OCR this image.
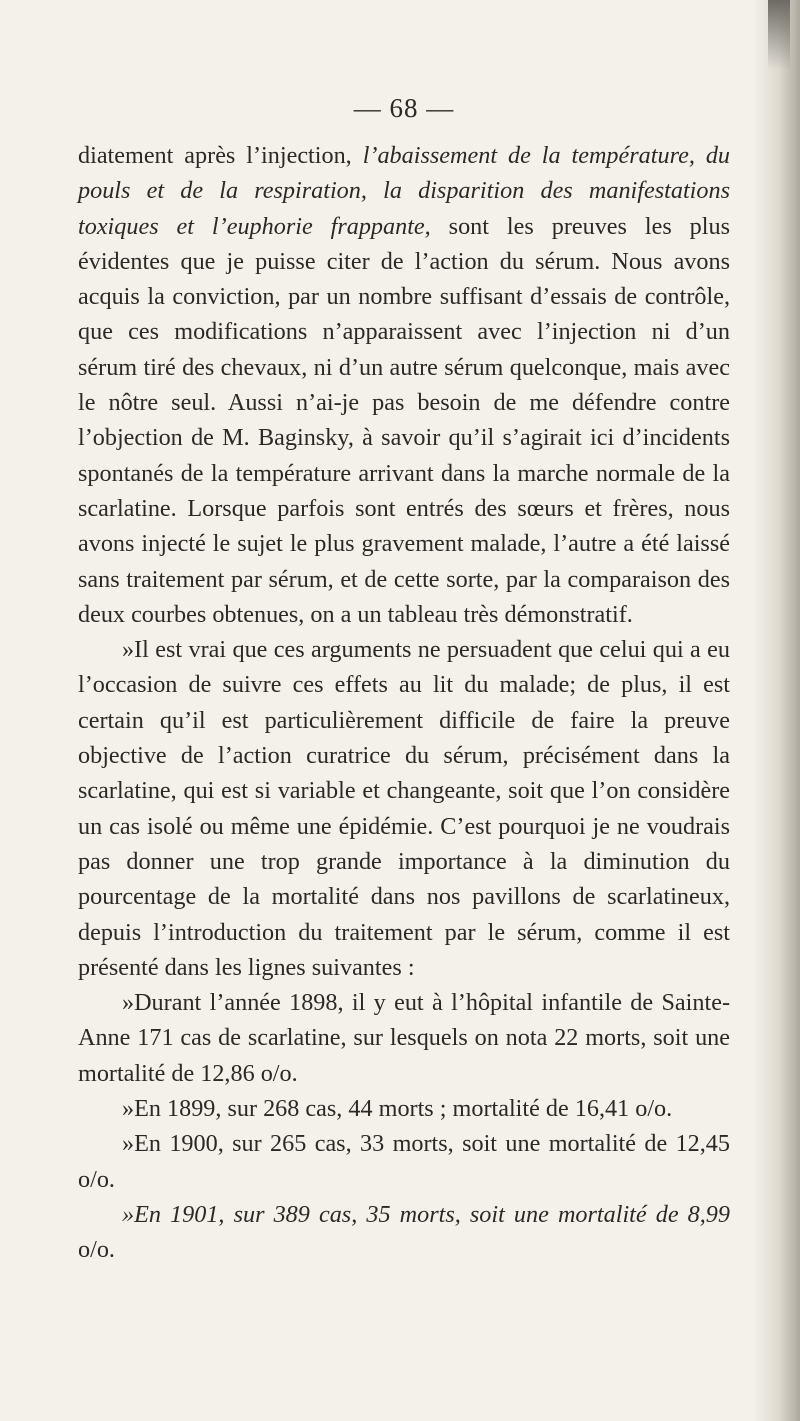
— 68 —

diatement après l’injection, l’abaissement de la température, du pouls et de la respiration, la disparition des manifestations toxiques et l’euphorie frappante, sont les preuves les plus évidentes que je puisse citer de l’action du sérum. Nous avons acquis la conviction, par un nombre suffisant d’essais de contrôle, que ces modifications n’apparaissent avec l’injection ni d’un sérum tiré des chevaux, ni d’un autre sérum quelconque, mais avec le nôtre seul. Aussi n’ai-je pas besoin de me défendre contre l’objection de M. Baginsky, à savoir qu’il s’agirait ici d’incidents spontanés de la température arrivant dans la marche normale de la scarlatine. Lorsque parfois sont entrés des sœurs et frères, nous avons injecté le sujet le plus gravement malade, l’autre a été laissé sans traitement par sérum, et de cette sorte, par la comparaison des deux courbes obtenues, on a un tableau très démonstratif.

»Il est vrai que ces arguments ne persuadent que celui qui a eu l’occasion de suivre ces effets au lit du malade; de plus, il est certain qu’il est particulièrement difficile de faire la preuve objective de l’action curatrice du sérum, précisément dans la scarlatine, qui est si variable et changeante, soit que l’on considère un cas isolé ou même une épidémie. C’est pourquoi je ne voudrais pas donner une trop grande importance à la diminution du pourcentage de la mortalité dans nos pavillons de scarlatineux, depuis l’introduction du traitement par le sérum, comme il est présenté dans les lignes suivantes :

»Durant l’année 1898, il y eut à l’hôpital infantile de Sainte-Anne 171 cas de scarlatine, sur lesquels on nota 22 morts, soit une mortalité de 12,86 o/o.

»En 1899, sur 268 cas, 44 morts ; mortalité de 16,41 o/o.

»En 1900, sur 265 cas, 33 morts, soit une mortalité de 12,45 o/o.

»En 1901, sur 389 cas, 35 morts, soit une mortalité de 8,99 o/o.
